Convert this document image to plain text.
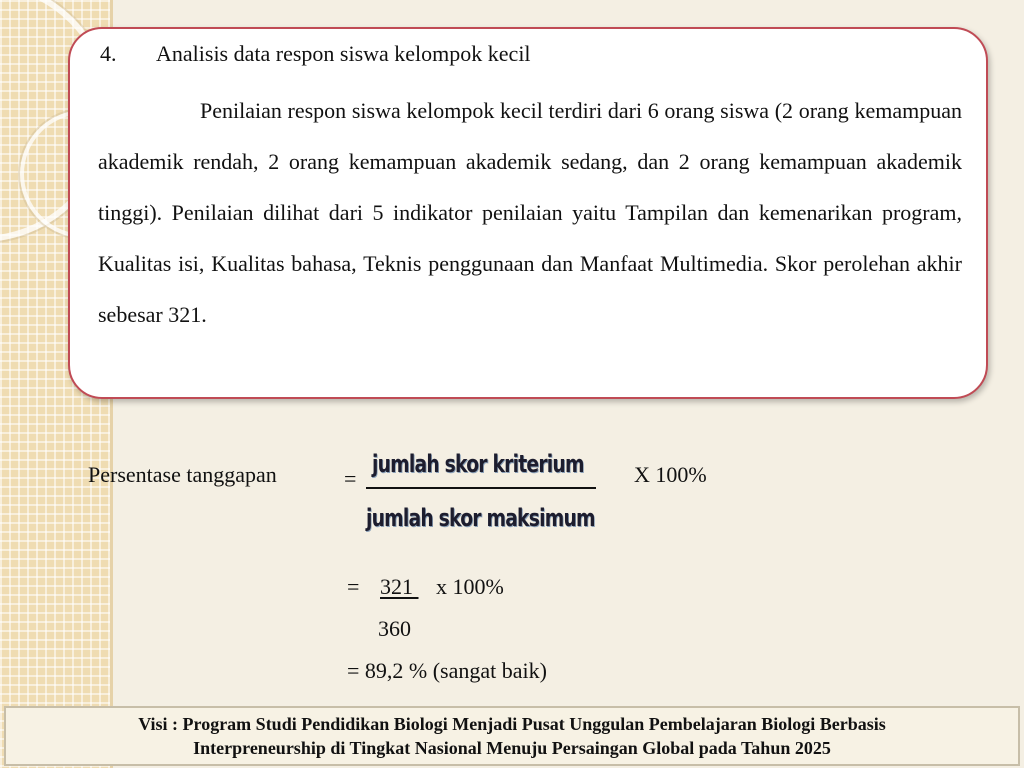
4. Analisis data respon siswa kelompok kecil

Penilaian respon siswa kelompok kecil terdiri dari 6 orang siswa (2 orang kemampuan akademik rendah, 2 orang kemampuan akademik sedang, dan 2 orang kemampuan akademik tinggi). Penilaian dilihat dari 5 indikator penilaian yaitu Tampilan dan kemenarikan program, Kualitas isi, Kualitas bahasa, Teknis penggunaan dan Manfaat Multimedia. Skor perolehan akhir sebesar 321.

Persentase tanggapan	=
jumlah skor kriterium
jumlah skor maksimum
X 100%
= 321 x 100%
360
= 89,2 % (sangat baik)
Visi : Program Studi Pendidikan Biologi Menjadi Pusat Unggulan Pembelajaran Biologi Berbasis
Interpreneurship di Tingkat Nasional Menuju Persaingan Global pada Tahun 2025
